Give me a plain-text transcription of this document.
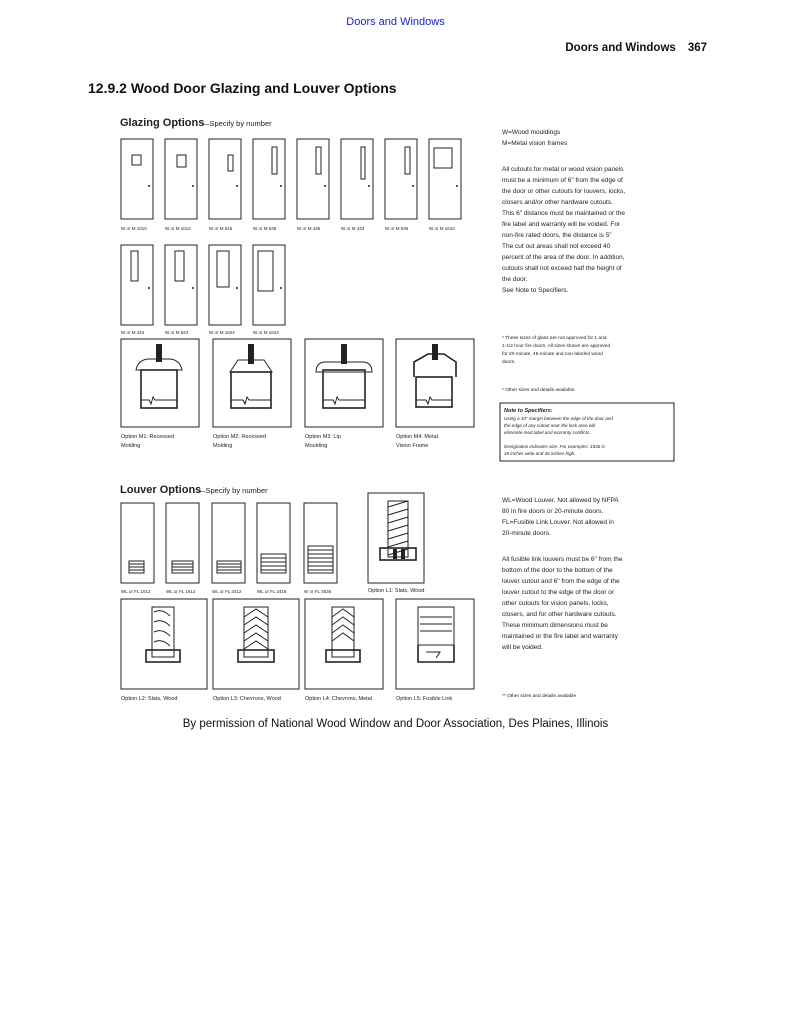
Doors and Windows
Doors and Windows 367
12.9.2 Wood Door Glazing and Louver Options
Glazing Options
—Specify by number
W or M 1010	W or M 1012	W or M 516	W or M 536	W or M 436	W or M 433	W or M 636	W or M 1610
W or M 424	W or M 824	W or M 1624	W or M 1624
Option M1: Recessed
Molding
Option M2: Recessed
Molding
Option M3: Lip
Moulding
Option M4: Metal
Vision Frame
W=Wood mouldings
M=Metal vision frames
All cutouts for metal or wood vision panels
must be a minimum of 6" from the edge of
the door or other cutouts for louvers, locks,
closers and/or other hardware cutouts.
This 6" distance must be maintained or the
fire label and warranty will be voided. For
non-fire rated doors, the distance is 5"
The cut out areas shall not exceed 40
percent of the area of the door. In addition,
cutouts shall not exceed half the height of
the door.
See Note to Specifiers.
* These sizes of glass are not approved for 1 and
1-1/2 hour fire doors. All sizes shown are approved
for 20-minute, 45-minute and non-labeled wood
doors.
* Other sizes and details available.
Note to Specifiers:
Using a 10" margin between the edge of the door and
the edge of any cutout near the lock area will
eliminate mod label and warranty conflicts.
Designation indicates size. For examples: 1836 is
18 inches wide and 36 inches high.
Louver Options
—Specify by number
WL or FL 1012	WL or FL 1612	WL or FL 2412	WL or FL 2418	W or FL 3636	Option L1: Slats, Wood
Option L2: Slats, Wood	Option L3: Chevrons, Wood	Option L4: Chevrons, Metal	Option L5: Fusible Link
WL=Wood Louver. Not allowed by NFPA
80 in fire doors or 20-minute doors.
FL=Fusible Link Louver. Not allowed in
20-minute doors.
All fusible link louvers must be 6" from the
bottom of the door to the bottom of the
louver cutout and 6" from the edge of the
louver cutout to the edge of the door or
other cutouts for vision panels, locks,
closers, and for other hardware cutouts.
These minimum dimensions must be
maintained or the fire label and warranty
will be voided.
** Other sizes and details available
By permission of National Wood Window and Door Association, Des Plaines, Illinois
